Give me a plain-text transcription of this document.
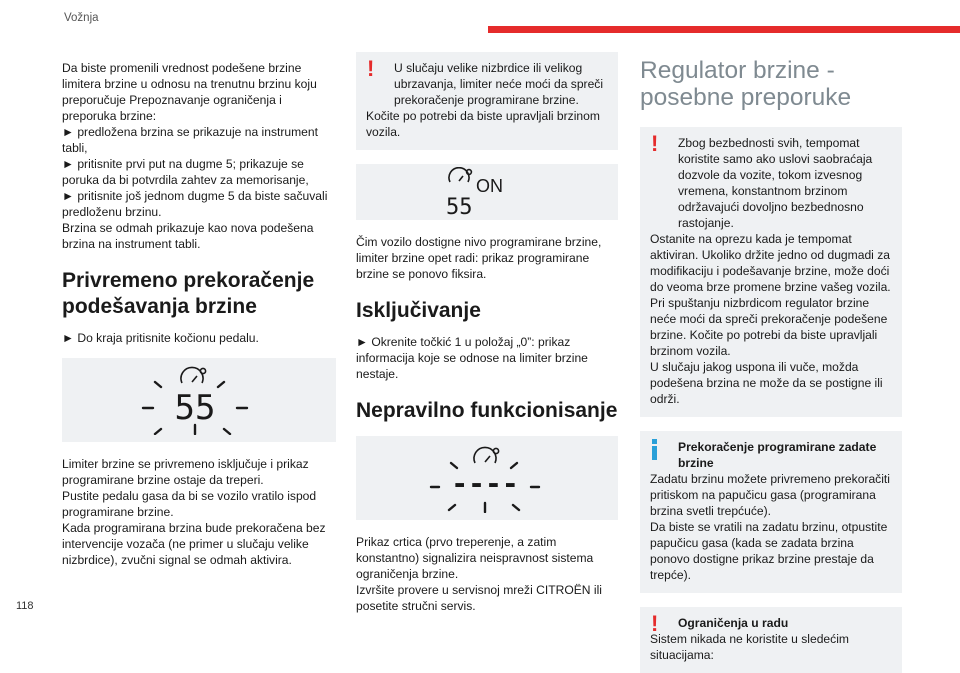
Vožnja
118

Da biste promenili vrednost podešene brzine limitera brzine u odnosu na trenutnu brzinu koju preporučuje Prepoznavanje ograničenja i preporuka brzine:

► predložena brzina se prikazuje na instrument tabli,

► pritisnite prvi put na dugme 5; prikazuje se poruka da bi potvrdila zahtev za memorisanje,

► pritisnite još jednom dugme 5 da biste sačuvali predloženu brzinu.

Brzina se odmah prikazuje kao nova podešena brzina na instrument tabli.

Privremeno prekoračenje podešavanja brzine

► Do kraja pritisnite kočionu pedalu.

55

Limiter brzine se privremeno isključuje i prikaz programirane brzine ostaje da treperi.

Pustite pedalu gasa da bi se vozilo vratilo ispod programirane brzine.

Kada programirana brzina bude prekoračena bez intervencije vozača (ne primer u slučaju velike nizbrdice), zvučni signal se odmah aktivira.

!	U slučaju velike nizbrdice ili velikog ubrzavanja, limiter neće moći da spreči prekoračenje programirane brzine.

Kočite po potrebi da biste upravljali brzinom vozila.

ON
55

Čim vozilo dostigne nivo programirane brzine, limiter brzine opet radi: prikaz programirane brzine se ponovo fiksira.

Isključivanje

► Okrenite točkić 1 u položaj „0”: prikaz informacija koje se odnose na limiter brzine nestaje.

Nepravilno funkcionisanje
----

Prikaz crtica (prvo treperenje, a zatim konstantno) signalizira neispravnost sistema ograničenja brzine.

Izvršite provere u servisnoj mreži CITROËN ili posetite stručni servis.

Regulator brzine - posebne preporuke
!	Zbog bezbednosti svih, tempomat koristite samo ako uslovi saobraćaja dozvole da vozite, tokom izvesnog vremena, konstantnom brzinom održavajući dovoljno bezbednosno rastojanje.

Ostanite na oprezu kada je tempomat aktiviran. Ukoliko držite jedno od dugmadi za modifikaciju i podešavanje brzine, može doći do veoma brze promene brzine vašeg vozila.

Pri spuštanju nizbrdicom regulator brzine neće moći da spreči prekoračenje podešene brzine. Kočite po potrebi da biste upravljali brzinom vozila.

U slučaju jakog uspona ili vuče, možda podešena brzina ne može da se postigne ili održi.

Prekoračenje programirane zadate brzine

Zadatu brzinu možete privremeno prekoračiti pritiskom na papučicu gasa (programirana brzina svetli trepćuće).

Da biste se vratili na zadatu brzinu, otpustite papučicu gasa (kada se zadata brzina ponovo dostigne prikaz brzine prestaje da trepće).

!	Ograničenja u radu

Sistem nikada ne koristite u sledećim situacijama:
